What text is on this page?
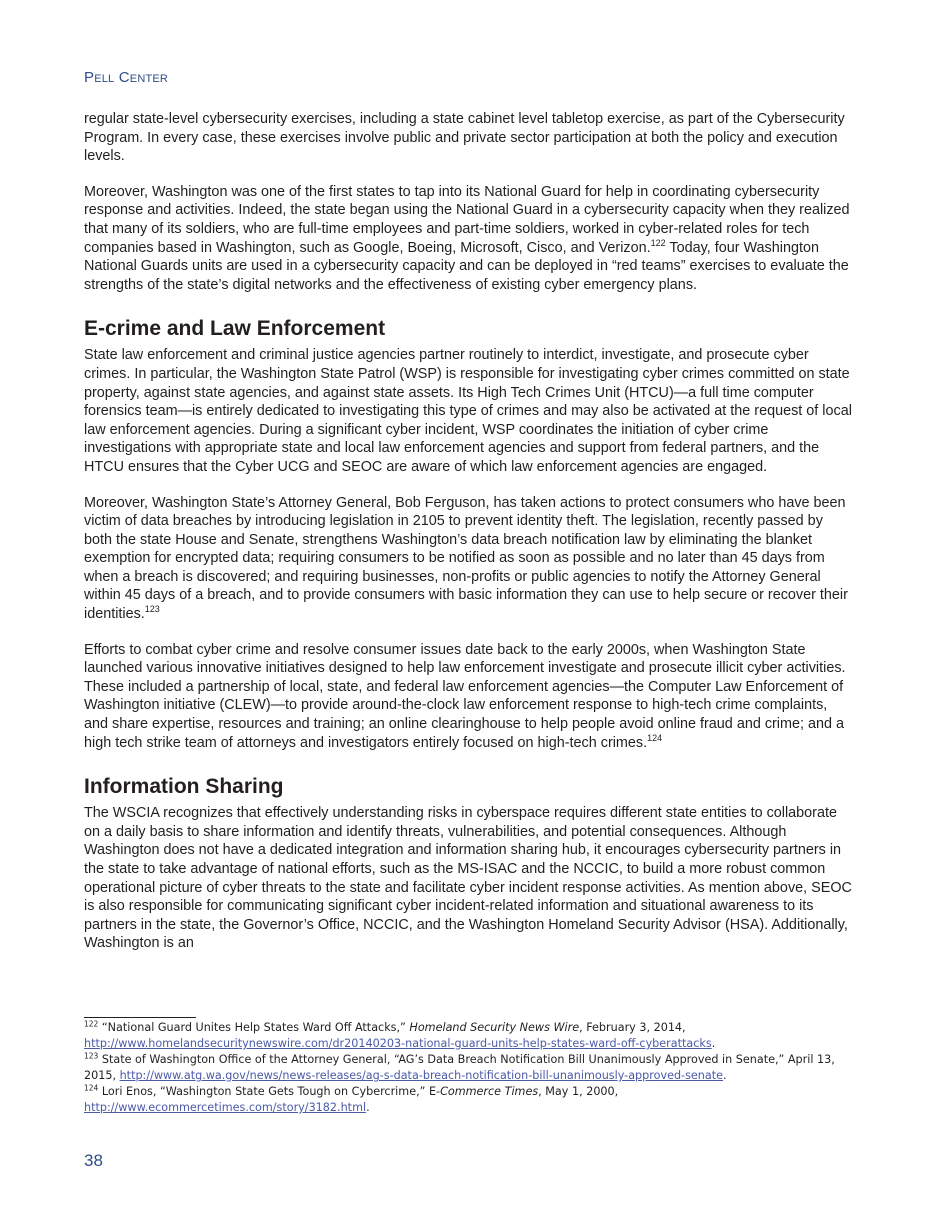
Pell Center

regular state-level cybersecurity exercises, including a state cabinet level tabletop exercise, as part of the Cybersecurity Program. In every case, these exercises involve public and private sector participation at both the policy and execution levels.

Moreover, Washington was one of the first states to tap into its National Guard for help in coordinating cybersecurity response and activities. Indeed, the state began using the National Guard in a cybersecurity capacity when they realized that many of its soldiers, who are full-time employees and part-time soldiers, worked in cyber-related roles for tech companies based in Washington, such as Google, Boeing, Microsoft, Cisco, and Verizon.$^{122}$ Today, four Washington National Guards units are used in a cybersecurity capacity and can be deployed in “red teams” exercises to evaluate the strengths of the state’s digital networks and the effectiveness of existing cyber emergency plans.

E-crime and Law Enforcement

State law enforcement and criminal justice agencies partner routinely to interdict, investigate, and prosecute cyber crimes. In particular, the Washington State Patrol (WSP) is responsible for investigating cyber crimes committed on state property, against state agencies, and against state assets. Its High Tech Crimes Unit (HTCU)—a full time computer forensics team—is entirely dedicated to investigating this type of crimes and may also be activated at the request of local law enforcement agencies. During a significant cyber incident, WSP coordinates the initiation of cyber crime investigations with appropriate state and local law enforcement agencies and support from federal partners, and the HTCU ensures that the Cyber UCG and SEOC are aware of which law enforcement agencies are engaged.

Moreover, Washington State’s Attorney General, Bob Ferguson, has taken actions to protect consumers who have been victim of data breaches by introducing legislation in 2105 to prevent identity theft. The legislation, recently passed by both the state House and Senate, strengthens Washington’s data breach notification law by eliminating the blanket exemption for encrypted data; requiring consumers to be notified as soon as possible and no later than 45 days from when a breach is discovered; and requiring businesses, non-profits or public agencies to notify the Attorney General within 45 days of a breach, and to provide consumers with basic information they can use to help secure or recover their identities.$^{123}$

Efforts to combat cyber crime and resolve consumer issues date back to the early 2000s, when Washington State launched various innovative initiatives designed to help law enforcement investigate and prosecute illicit cyber activities. These included a partnership of local, state, and federal law enforcement agencies—the Computer Law Enforcement of Washington initiative (CLEW)—to provide around-the-clock law enforcement response to high-tech crime complaints, and share expertise, resources and training; an online clearinghouse to help people avoid online fraud and crime; and a high tech strike team of attorneys and investigators entirely focused on high-tech crimes.$^{124}$

Information Sharing

The WSCIA recognizes that effectively understanding risks in cyberspace requires different state entities to collaborate on a daily basis to share information and identify threats, vulnerabilities, and potential consequences. Although Washington does not have a dedicated integration and information sharing hub, it encourages cybersecurity partners in the state to take advantage of national efforts, such as the MS-ISAC and the NCCIC, to build a more robust common operational picture of cyber threats to the state and facilitate cyber incident response activities. As mention above, SEOC is also responsible for communicating significant cyber incident-related information and situational awareness to its partners in the state, the Governor’s Office, NCCIC, and the Washington Homeland Security Advisor (HSA). Additionally, Washington is an

$^{122}$ “National Guard Unites Help States Ward Off Attacks,” Homeland Security News Wire, February 3, 2014, http://www.homelandsecuritynewswire.com/dr20140203-national-guard-units-help-states-ward-off-cyberattacks.

$^{123}$ State of Washington Office of the Attorney General, “AG’s Data Breach Notification Bill Unanimously Approved in Senate,” April 13, 2015, http://www.atg.wa.gov/news/news-releases/ag-s-data-breach-notification-bill-unanimously-approved-senate.

$^{124}$ Lori Enos, “Washington State Gets Tough on Cybercrime,” E-Commerce Times, May 1, 2000, http://www.ecommercetimes.com/story/3182.html.

38
